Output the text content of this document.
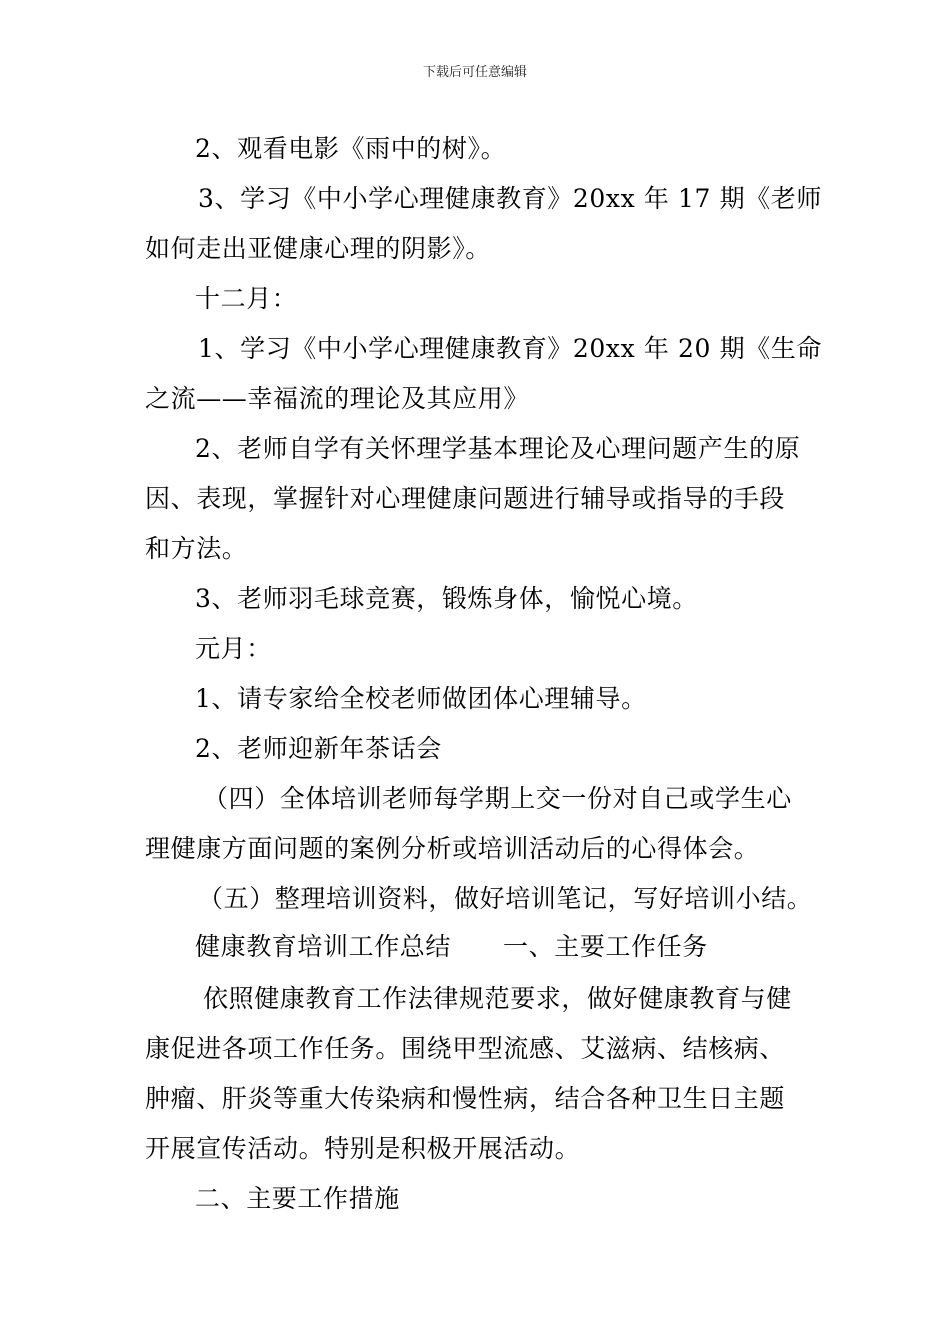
下载后可任意编辑
2、观看电影《雨中的树》。
3、学习《中小学心理健康教育》20xx 年 17 期《老师
如何走出亚健康心理的阴影》。
十二月：
1、学习《中小学心理健康教育》20xx 年 20 期《生命
之流——幸福流的理论及其应用》
2、老师自学有关怀理学基本理论及心理问题产生的原
因、表现，掌握针对心理健康问题进行辅导或指导的手段
和方法。
3、老师羽毛球竞赛，锻炼身体，愉悦心境。
元月：
1、请专家给全校老师做团体心理辅导。
2、老师迎新年茶话会
（四）全体培训老师每学期上交一份对自己或学生心
理健康方面问题的案例分析或培训活动后的心得体会。
（五）整理培训资料，做好培训笔记，写好培训小结。
健康教育培训工作总结 一、主要工作任务
依照健康教育工作法律规范要求，做好健康教育与健
康促进各项工作任务。围绕甲型流感、艾滋病、结核病、
肿瘤、肝炎等重大传染病和慢性病，结合各种卫生日主题
开展宣传活动。特别是积极开展活动。
二、主要工作措施
